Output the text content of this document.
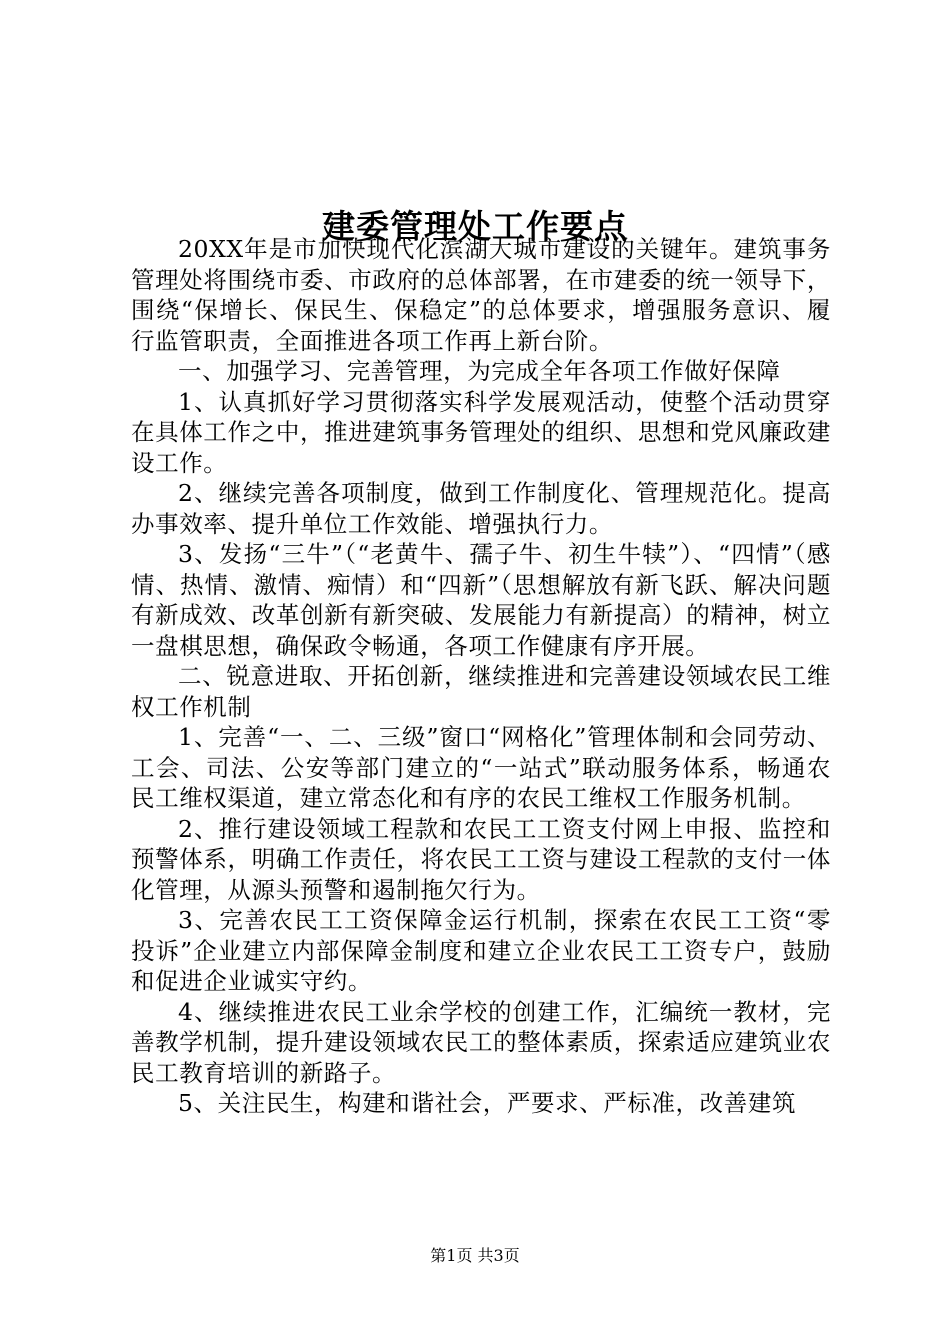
建委管理处工作要点

20XX年是市加快现代化滨湖大城市建设的关键年。建筑事务管理处将围绕市委、市政府的总体部署，在市建委的统一领导下，围绕“保增长、保民生、保稳定”的总体要求，增强服务意识、履行监管职责，全面推进各项工作再上新台阶。

一、加强学习、完善管理，为完成全年各项工作做好保障

1、认真抓好学习贯彻落实科学发展观活动，使整个活动贯穿在具体工作之中，推进建筑事务管理处的组织、思想和党风廉政建设工作。

2、继续完善各项制度，做到工作制度化、管理规范化。提高办事效率、提升单位工作效能、增强执行力。

3、发扬“三牛”（“老黄牛、孺子牛、初生牛犊”）、“四情”（感情、热情、激情、痴情）和“四新”（思想解放有新飞跃、解决问题有新成效、改革创新有新突破、发展能力有新提高）的精神，树立一盘棋思想，确保政令畅通，各项工作健康有序开展。

二、锐意进取、开拓创新，继续推进和完善建设领域农民工维权工作机制

1、完善“一、二、三级”窗口“网格化”管理体制和会同劳动、工会、司法、公安等部门建立的“一站式”联动服务体系，畅通农民工维权渠道，建立常态化和有序的农民工维权工作服务机制。

2、推行建设领域工程款和农民工工资支付网上申报、监控和预警体系，明确工作责任，将农民工工资与建设工程款的支付一体化管理，从源头预警和遏制拖欠行为。

3、完善农民工工资保障金运行机制，探索在农民工工资“零投诉”企业建立内部保障金制度和建立企业农民工工资专户，鼓励和促进企业诚实守约。

4、继续推进农民工业余学校的创建工作，汇编统一教材，完善教学机制，提升建设领域农民工的整体素质，探索适应建筑业农民工教育培训的新路子。

5、关注民生，构建和谐社会，严要求、严标准，改善建筑

第1页 共3页
